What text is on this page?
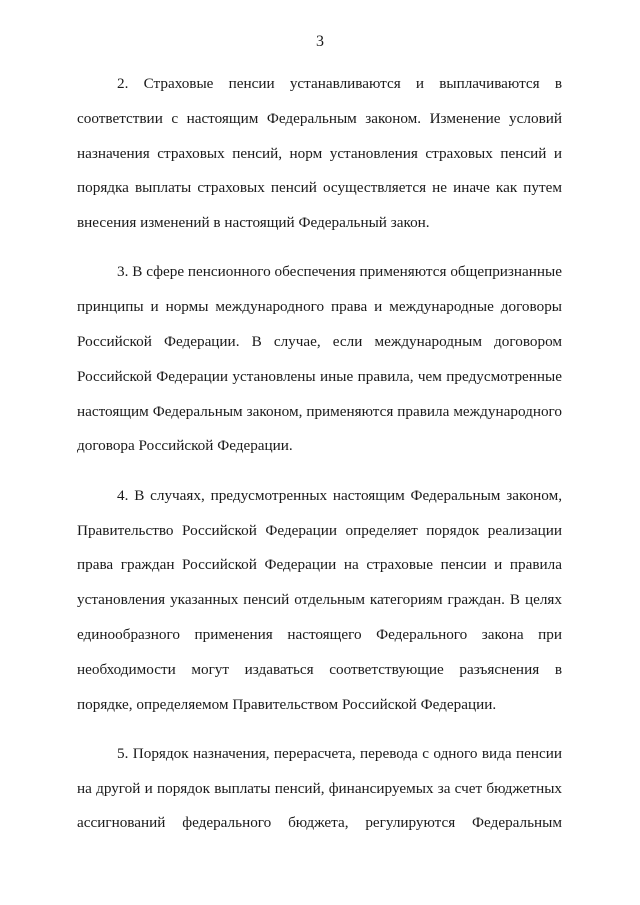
3

2. Страховые пенсии устанавливаются и выплачиваются в соответствии с настоящим Федеральным законом. Изменение условий назначения страховых пенсий, норм установления страховых пенсий и порядка выплаты страховых пенсий осуществляется не иначе как путем внесения изменений в настоящий Федеральный закон.

3. В сфере пенсионного обеспечения применяются общепризнанные принципы и нормы международного права и международные договоры Российской Федерации. В случае, если международным договором Российской Федерации установлены иные правила, чем предусмотренные настоящим Федеральным законом, применяются правила международного договора Российской Федерации.

4. В случаях, предусмотренных настоящим Федеральным законом, Правительство Российской Федерации определяет порядок реализации права граждан Российской Федерации на страховые пенсии и правила установления указанных пенсий отдельным категориям граждан. В целях единообразного применения настоящего Федерального закона при необходимости могут издаваться соответствующие разъяснения в порядке, определяемом Правительством Российской Федерации.

5. Порядок назначения, перерасчета, перевода с одного вида пенсии на другой и порядок выплаты пенсий, финансируемых за счет бюджетных ассигнований федерального бюджета, регулируются Федеральным
